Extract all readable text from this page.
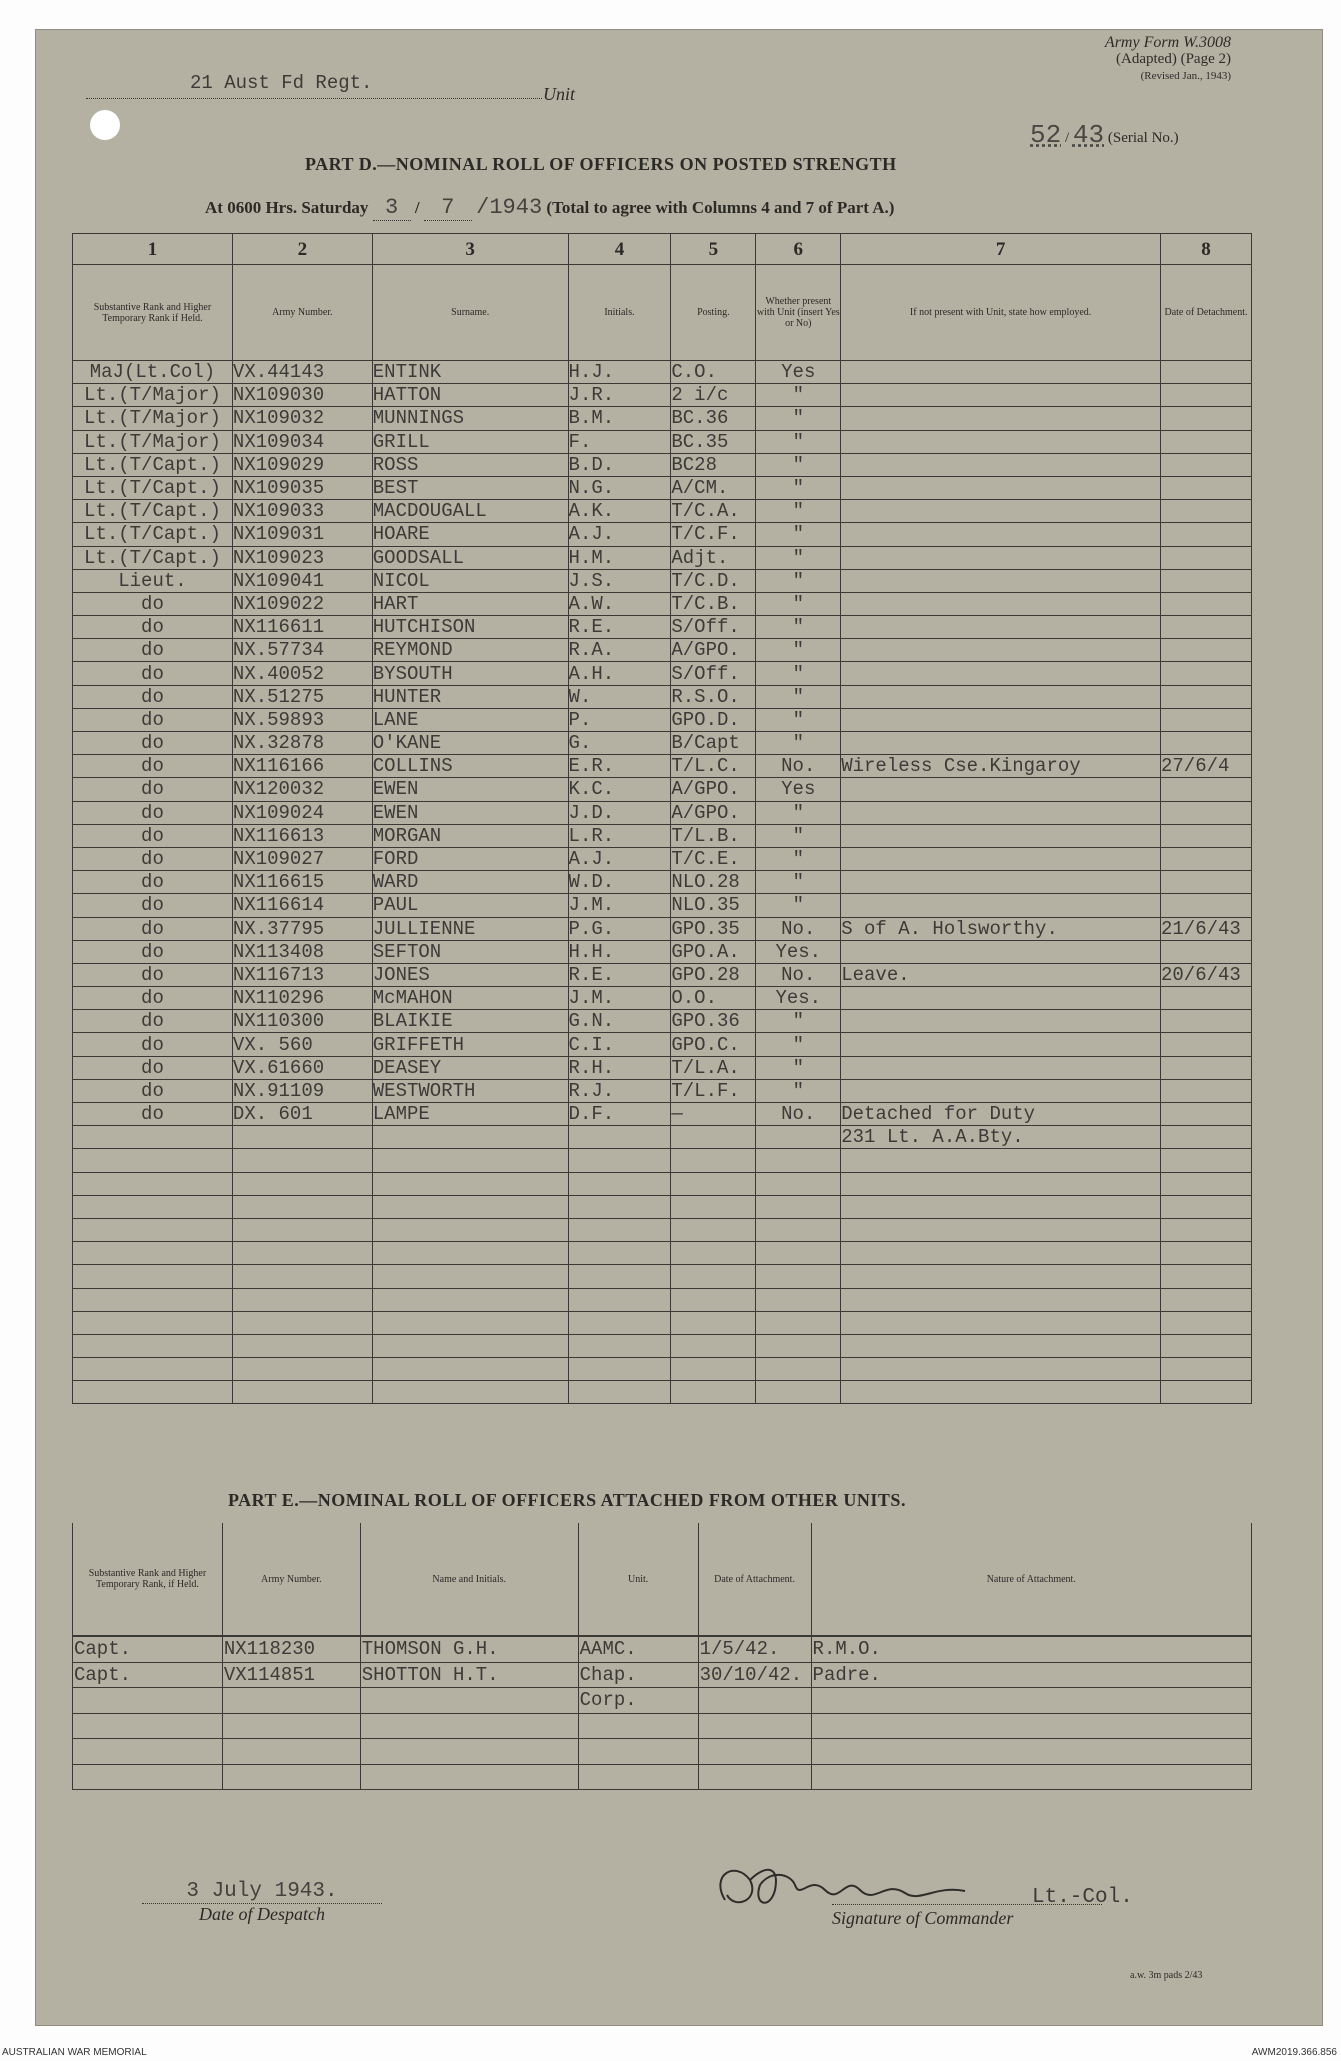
Army Form W.3008
(Adapted) (Page 2)
(Revised Jan., 1943)
52 / 43 (Serial No.)
21 Aust Fd Regt.	Unit
PART D.—NOMINAL ROLL OF OFFICERS ON POSTED STRENGTH
At 0600 Hrs. Saturday 3 / 7 /1943 (Total to agree with Columns 4 and 7 of Part A.)
1	2	3	4	5	6	7	8
Substantive Rank and Higher Temporary Rank if Held.	Army Number.	Surname.	Initials.	Posting.	Whether present with Unit (insert Yes or No)	If not present with Unit, state how employed.	Date of Detachment.
MaJ(Lt.Col)	VX.44143	ENTINK	H.J.	C.O.	Yes		
Lt.(T/Major)	NX109030	HATTON	J.R.	2 i/c	"		
Lt.(T/Major)	NX109032	MUNNINGS	B.M.	BC.36	"		
Lt.(T/Major)	NX109034	GRILL	F.	BC.35	"		
Lt.(T/Capt.)	NX109029	ROSS	B.D.	BC28	"		
Lt.(T/Capt.)	NX109035	BEST	N.G.	A/CM.	"		
Lt.(T/Capt.)	NX109033	MACDOUGALL	A.K.	T/C.A.	"		
Lt.(T/Capt.)	NX109031	HOARE	A.J.	T/C.F.	"		
Lt.(T/Capt.)	NX109023	GOODSALL	H.M.	Adjt.	"		
Lieut.	NX109041	NICOL	J.S.	T/C.D.	"		
do	NX109022	HART	A.W.	T/C.B.	"		
do	NX116611	HUTCHISON	R.E.	S/Off.	"		
do	NX.57734	REYMOND	R.A.	A/GPO.	"		
do	NX.40052	BYSOUTH	A.H.	S/Off.	"		
do	NX.51275	HUNTER	W.	R.S.O.	"		
do	NX.59893	LANE	P.	GPO.D.	"		
do	NX.32878	O'KANE	G.	B/Capt	"		
do	NX116166	COLLINS	E.R.	T/L.C.	No.	Wireless Cse.Kingaroy	27/6/4
do	NX120032	EWEN	K.C.	A/GPO.	Yes		
do	NX109024	EWEN	J.D.	A/GPO.	"		
do	NX116613	MORGAN	L.R.	T/L.B.	"		
do	NX109027	FORD	A.J.	T/C.E.	"		
do	NX116615	WARD	W.D.	NLO.28	"		
do	NX116614	PAUL	J.M.	NLO.35	"		
do	NX.37795	JULLIENNE	P.G.	GPO.35	No.	S of A. Holsworthy.	21/6/43
do	NX113408	SEFTON	H.H.	GPO.A.	Yes.		
do	NX116713	JONES	R.E.	GPO.28	No.	Leave.	20/6/43
do	NX110296	McMAHON	J.M.	O.O.	Yes.		
do	NX110300	BLAIKIE	G.N.	GPO.36	"		
do	VX. 560	GRIFFETH	C.I.	GPO.C.	"		
do	VX.61660	DEASEY	R.H.	T/L.A.	"		
do	NX.91109	WESTWORTH	R.J.	T/L.F.	"		
do	DX. 601	LAMPE	D.F.	—	No.	Detached for Duty	
						231 Lt. A.A.Bty.	

PART E.—NOMINAL ROLL OF OFFICERS ATTACHED FROM OTHER UNITS.
Substantive Rank and Higher Temporary Rank, if Held.	Army Number.	Name and Initials.	Unit.	Date of Attachment.	Nature of Attachment.
Capt.	NX118230	THOMSON G.H.	AAMC.	1/5/42.	R.M.O.
Capt.	VX114851	SHOTTON H.T.	Chap.	30/10/42.	Padre.
			Corp.		

3 July 1943.
Date of Despatch
Lt.-Col.
Signature of Commander
a.w. 3m pads 2/43
AUSTRALIAN WAR MEMORIAL	AWM2019.366.856
